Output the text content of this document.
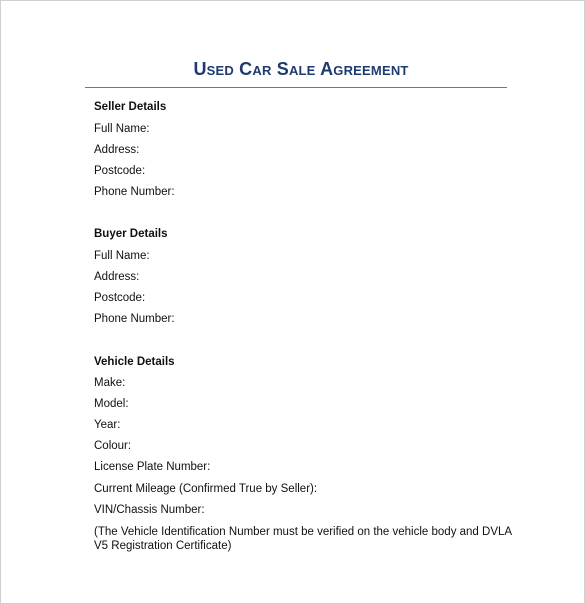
Used Car Sale Agreement
Seller Details
Full Name:
Address:
Postcode:
Phone Number:
Buyer Details
Full Name:
Address:
Postcode:
Phone Number:
Vehicle Details
Make:
Model:
Year:
Colour:
License Plate Number:
Current Mileage (Confirmed True by Seller):
VIN/Chassis Number:
(The Vehicle Identification Number must be verified on the vehicle body and DVLA V5 Registration Certificate)
